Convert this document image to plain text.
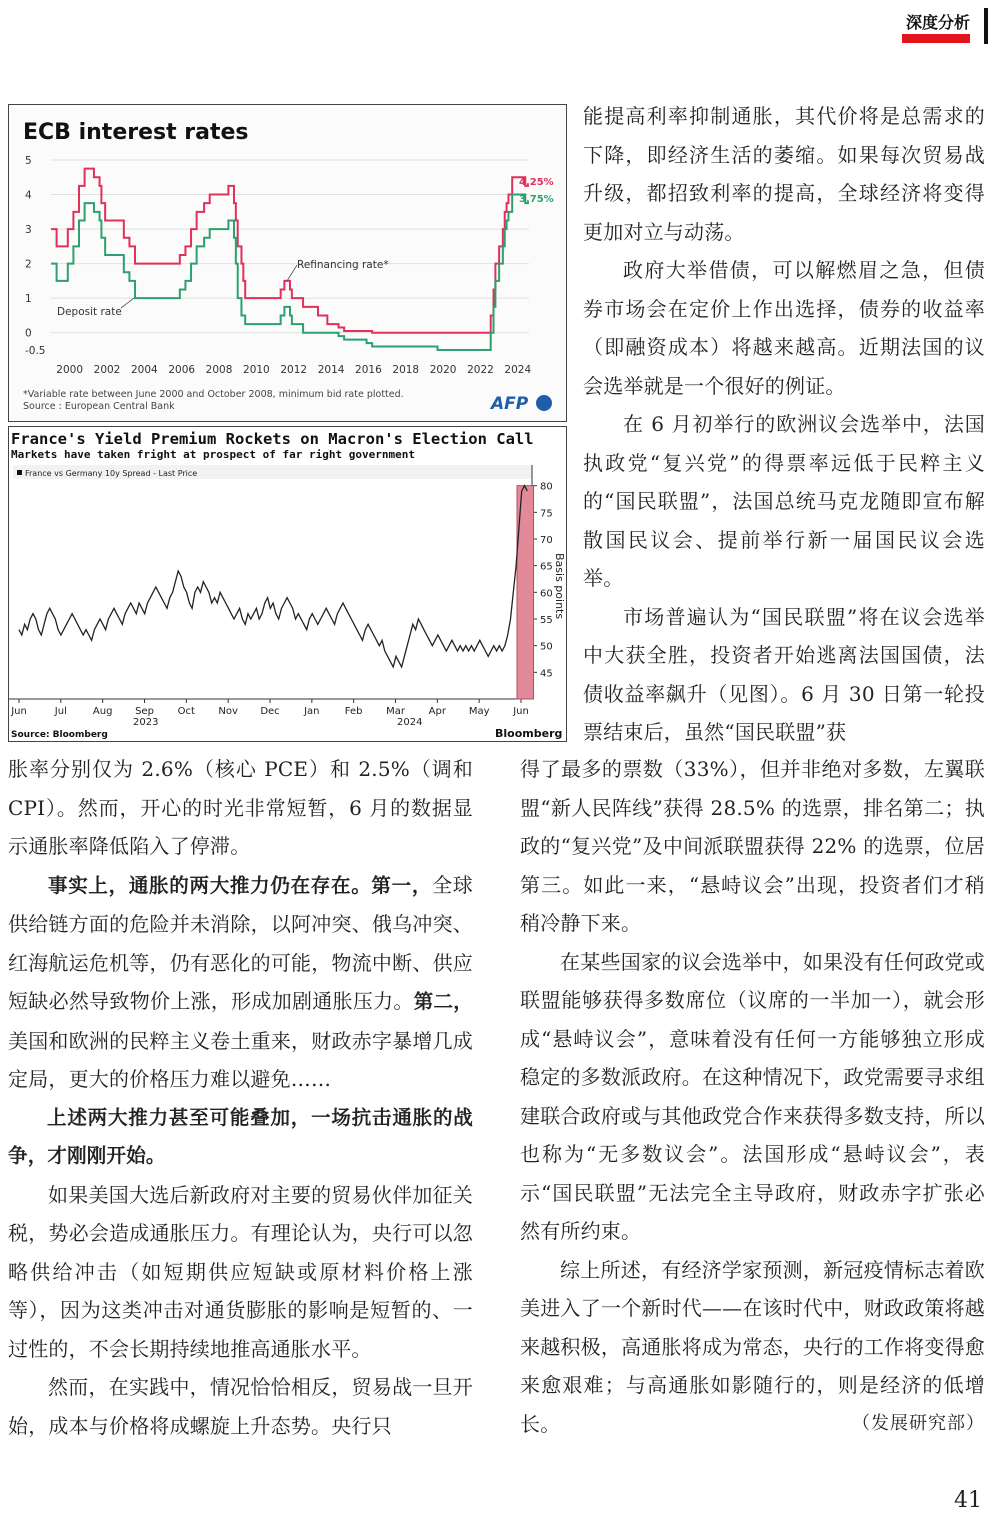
深度分析
ECB interest rates
5
4
3
2
1
0
-0.5
2000 2002 2004 2006 2008 2010 2012 2014 2016 2018 2020 2022 2024
Deposit rate
Refinancing rate*
4.25%
3.75%
*Variable rate between June 2000 and October 2008, minimum bid rate plotted.
Source : European Central Bank	AFP
France's Yield Premium Rockets on Macron's Election Call
Markets have taken fright at prospect of far right government
France vs Germany 10y Spread - Last Price
80
75
70
65
60
55
50
45
Jun	Jul	Aug Sep Oct Nov Dec Jan	Feb Mar Apr May Jun
Basis points
2023	2024
Source: Bloomberg	Bloomberg

能提高利率抑制通胀，其代价将是总需求的下降，即经济生活的萎缩。如果每次贸易战升级，都招致利率的提高，全球经济将变得更加对立与动荡。

政府大举借债，可以解燃眉之急，但债券市场会在定价上作出选择，债券的收益率（即融资成本）将越来越高。近期法国的议会选举就是一个很好的例证。

在 6 月初举行的欧洲议会选举中，法国执政党“复兴党”的得票率远低于民粹主义的“国民联盟”，法国总统马克龙随即宣布解散国民议会、提前举行新一届国民议会选举。

市场普遍认为“国民联盟”将在议会选举中大获全胜，投资者开始逃离法国国债，法债收益率飙升（见图）。6 月 30 日第一轮投票结束后，虽然“国民联盟”获

胀率分别仅为 2.6%（核心 PCE）和 2.5%（调和 CPI）。然而，开心的时光非常短暂，6 月的数据显示通胀率降低陷入了停滞。

事实上，通胀的两大推力仍在存在。第一，全球供给链方面的危险并未消除，以阿冲突、俄乌冲突、红海航运危机等，仍有恶化的可能，物流中断、供应短缺必然导致物价上涨，形成加剧通胀压力。第二，美国和欧洲的民粹主义卷土重来，财政赤字暴增几成定局，更大的价格压力难以避免……

上述两大推力甚至可能叠加，一场抗击通胀的战争，才刚刚开始。

如果美国大选后新政府对主要的贸易伙伴加征关税，势必会造成通胀压力。有理论认为，央行可以忽略供给冲击（如短期供应短缺或原材料价格上涨等），因为这类冲击对通货膨胀的影响是短暂的、一过性的，不会长期持续地推高通胀水平。

然而，在实践中，情况恰恰相反，贸易战一旦开始，成本与价格将成螺旋上升态势。央行只

得了最多的票数（33%），但并非绝对多数，左翼联盟“新人民阵线”获得 28.5% 的选票，排名第二；执政的“复兴党”及中间派联盟获得 22% 的选票，位居第三。如此一来，“悬峙议会”出现，投资者们才稍稍冷静下来。

在某些国家的议会选举中，如果没有任何政党或联盟能够获得多数席位（议席的一半加一），就会形成“悬峙议会”，意味着没有任何一方能够独立形成稳定的多数派政府。在这种情况下，政党需要寻求组建联合政府或与其他政党合作来获得多数支持，所以也称为“无多数议会”。法国形成“悬峙议会”，表示“国民联盟”无法完全主导政府，财政赤字扩张必然有所约束。

综上所述，有经济学家预测，新冠疫情标志着欧美进入了一个新时代——在该时代中，财政政策将越来越积极，高通胀将成为常态，央行的工作将变得愈来愈艰难；与高通胀如影随行的，则是经济的低增长。	（发展研究部）

41
